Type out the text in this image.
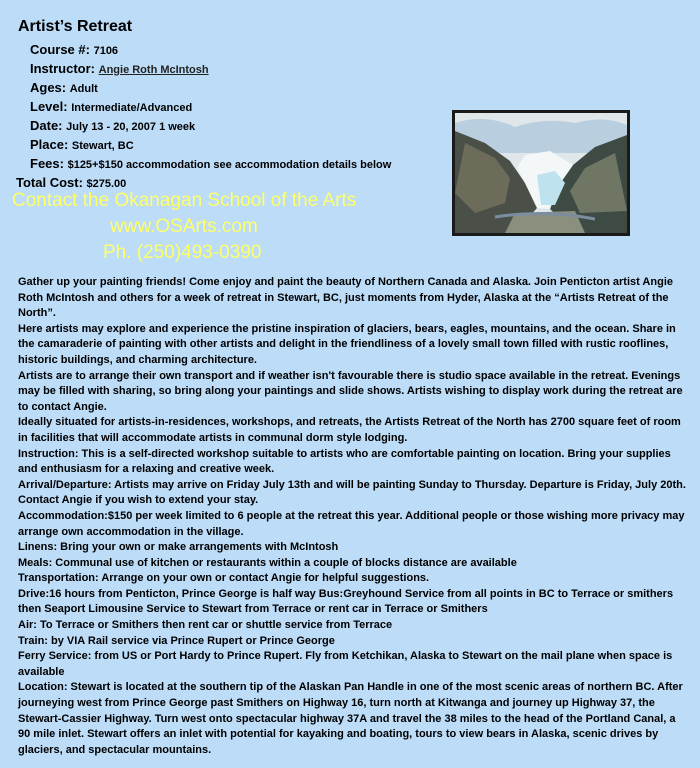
Artist’s Retreat
Course #: 7106
Instructor: Angie Roth McIntosh
Ages: Adult
Level: Intermediate/Advanced
Date: July 13 - 20, 2007 1 week
Place: Stewart, BC
Fees: $125+$150 accommodation see accommodation details below
Total Cost: $275.00
Contact the Okanagan School of the Arts
www.OSArts.com
Ph. (250)493-0390

Gather up your painting friends! Come enjoy and paint the beauty of Northern Canada and Alaska. Join Penticton artist Angie Roth McIntosh and others for a week of retreat in Stewart, BC, just moments from Hyder, Alaska at the “Artists Retreat of the North”.

Here artists may explore and experience the pristine inspiration of glaciers, bears, eagles, mountains, and the ocean. Share in the camaraderie of painting with other artists and delight in the friendliness of a lovely small town filled with rustic rooflines, historic buildings, and charming architecture.

Artists are to arrange their own transport and if weather isn't favourable there is studio space available in the retreat. Evenings may be filled with sharing, so bring along your paintings and slide shows. Artists wishing to display work during the retreat are to contact Angie.

Ideally situated for artists-in-residences, workshops, and retreats, the Artists Retreat of the North has 2700 square feet of room in facilities that will accommodate artists in communal dorm style lodging.

Instruction: This is a self-directed workshop suitable to artists who are comfortable painting on location. Bring your supplies and enthusiasm for a relaxing and creative week.

Arrival/Departure: Artists may arrive on Friday July 13th and will be painting Sunday to Thursday. Departure is Friday, July 20th. Contact Angie if you wish to extend your stay.

Accommodation:$150 per week limited to 6 people at the retreat this year. Additional people or those wishing more privacy may arrange own accommodation in the village.

Linens: Bring your own or make arrangements with McIntosh

Meals: Communal use of kitchen or restaurants within a couple of blocks distance are available

Transportation: Arrange on your own or contact Angie for helpful suggestions.

Drive:16 hours from Penticton, Prince George is half way Bus:Greyhound Service from all points in BC to Terrace or smithers then Seaport Limousine Service to Stewart from Terrace or rent car in Terrace or Smithers

Air: To Terrace or Smithers then rent car or shuttle service from Terrace

Train: by VIA Rail service via Prince Rupert or Prince George

Ferry Service: from US or Port Hardy to Prince Rupert. Fly from Ketchikan, Alaska to Stewart on the mail plane when space is available

Location: Stewart is located at the southern tip of the Alaskan Pan Handle in one of the most scenic areas of northern BC. After journeying west from Prince George past Smithers on Highway 16, turn north at Kitwanga and journey up Highway 37, the Stewart-Cassier Highway. Turn west onto spectacular highway 37A and travel the 38 miles to the head of the Portland Canal, a 90 mile inlet. Stewart offers an inlet with potential for kayaking and boating, tours to view bears in Alaska, scenic drives by glaciers, and spectacular mountains.
